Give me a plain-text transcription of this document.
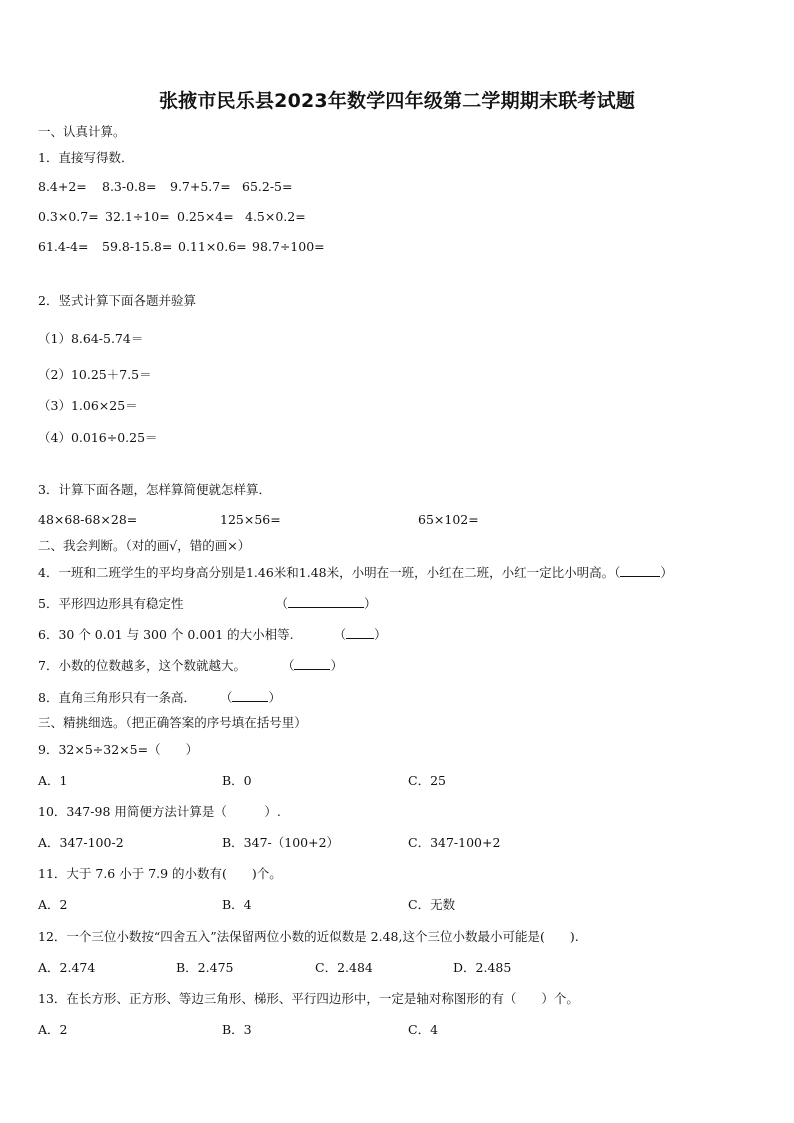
张掖市民乐县2023年数学四年级第二学期期末联考试题
一、认真计算。
1．直接写得数．
8.4+2= 8.3-0.8= 9.7+5.7= 65.2-5=
0.3×0.7= 32.1÷10= 0.25×4= 4.5×0.2=
61.4-4= 59.8-15.8= 0.11×0.6= 98.7÷100=
2．竖式计算下面各题并验算
（1）8.64-5.74＝
（2）10.25＋7.5＝
（3）1.06×25＝
（4）0.016÷0.25＝
3．计算下面各题，怎样算简便就怎样算．
48×68-68×28=	125×56=	65×102=
二、我会判断。（对的画√，错的画×）
4．一班和二班学生的平均身高分别是1.46米和1.48米，小明在一班，小红在二班，小红一定比小明高。（	）
5．平形四边形具有稳定性	（	）
6．30 个 0.01 与 300 个 0.001 的大小相等.	（ ）
7．小数的位数越多，这个数就越大。	（	）
8．直角三角形只有一条高． （	）
三、精挑细选。（把正确答案的序号填在括号里）
9．32×5÷32×5=（　　）
A．1	B．0	C．25
10．347-98 用简便方法计算是（　　　）.
A．347-100-2	B．347-（100+2）	C．347-100+2
11．大于 7.6 小于 7.9 的小数有(　　)个。
A．2	B．4	C．无数
12．一个三位小数按“四舍五入”法保留两位小数的近似数是 2.48,这个三位小数最小可能是(　　).
A．2.474	B．2.475	C．2.484	D．2.485
13．在长方形、正方形、等边三角形、梯形、平行四边形中，一定是轴对称图形的有（　　）个。
A．2	B．3	C．4
